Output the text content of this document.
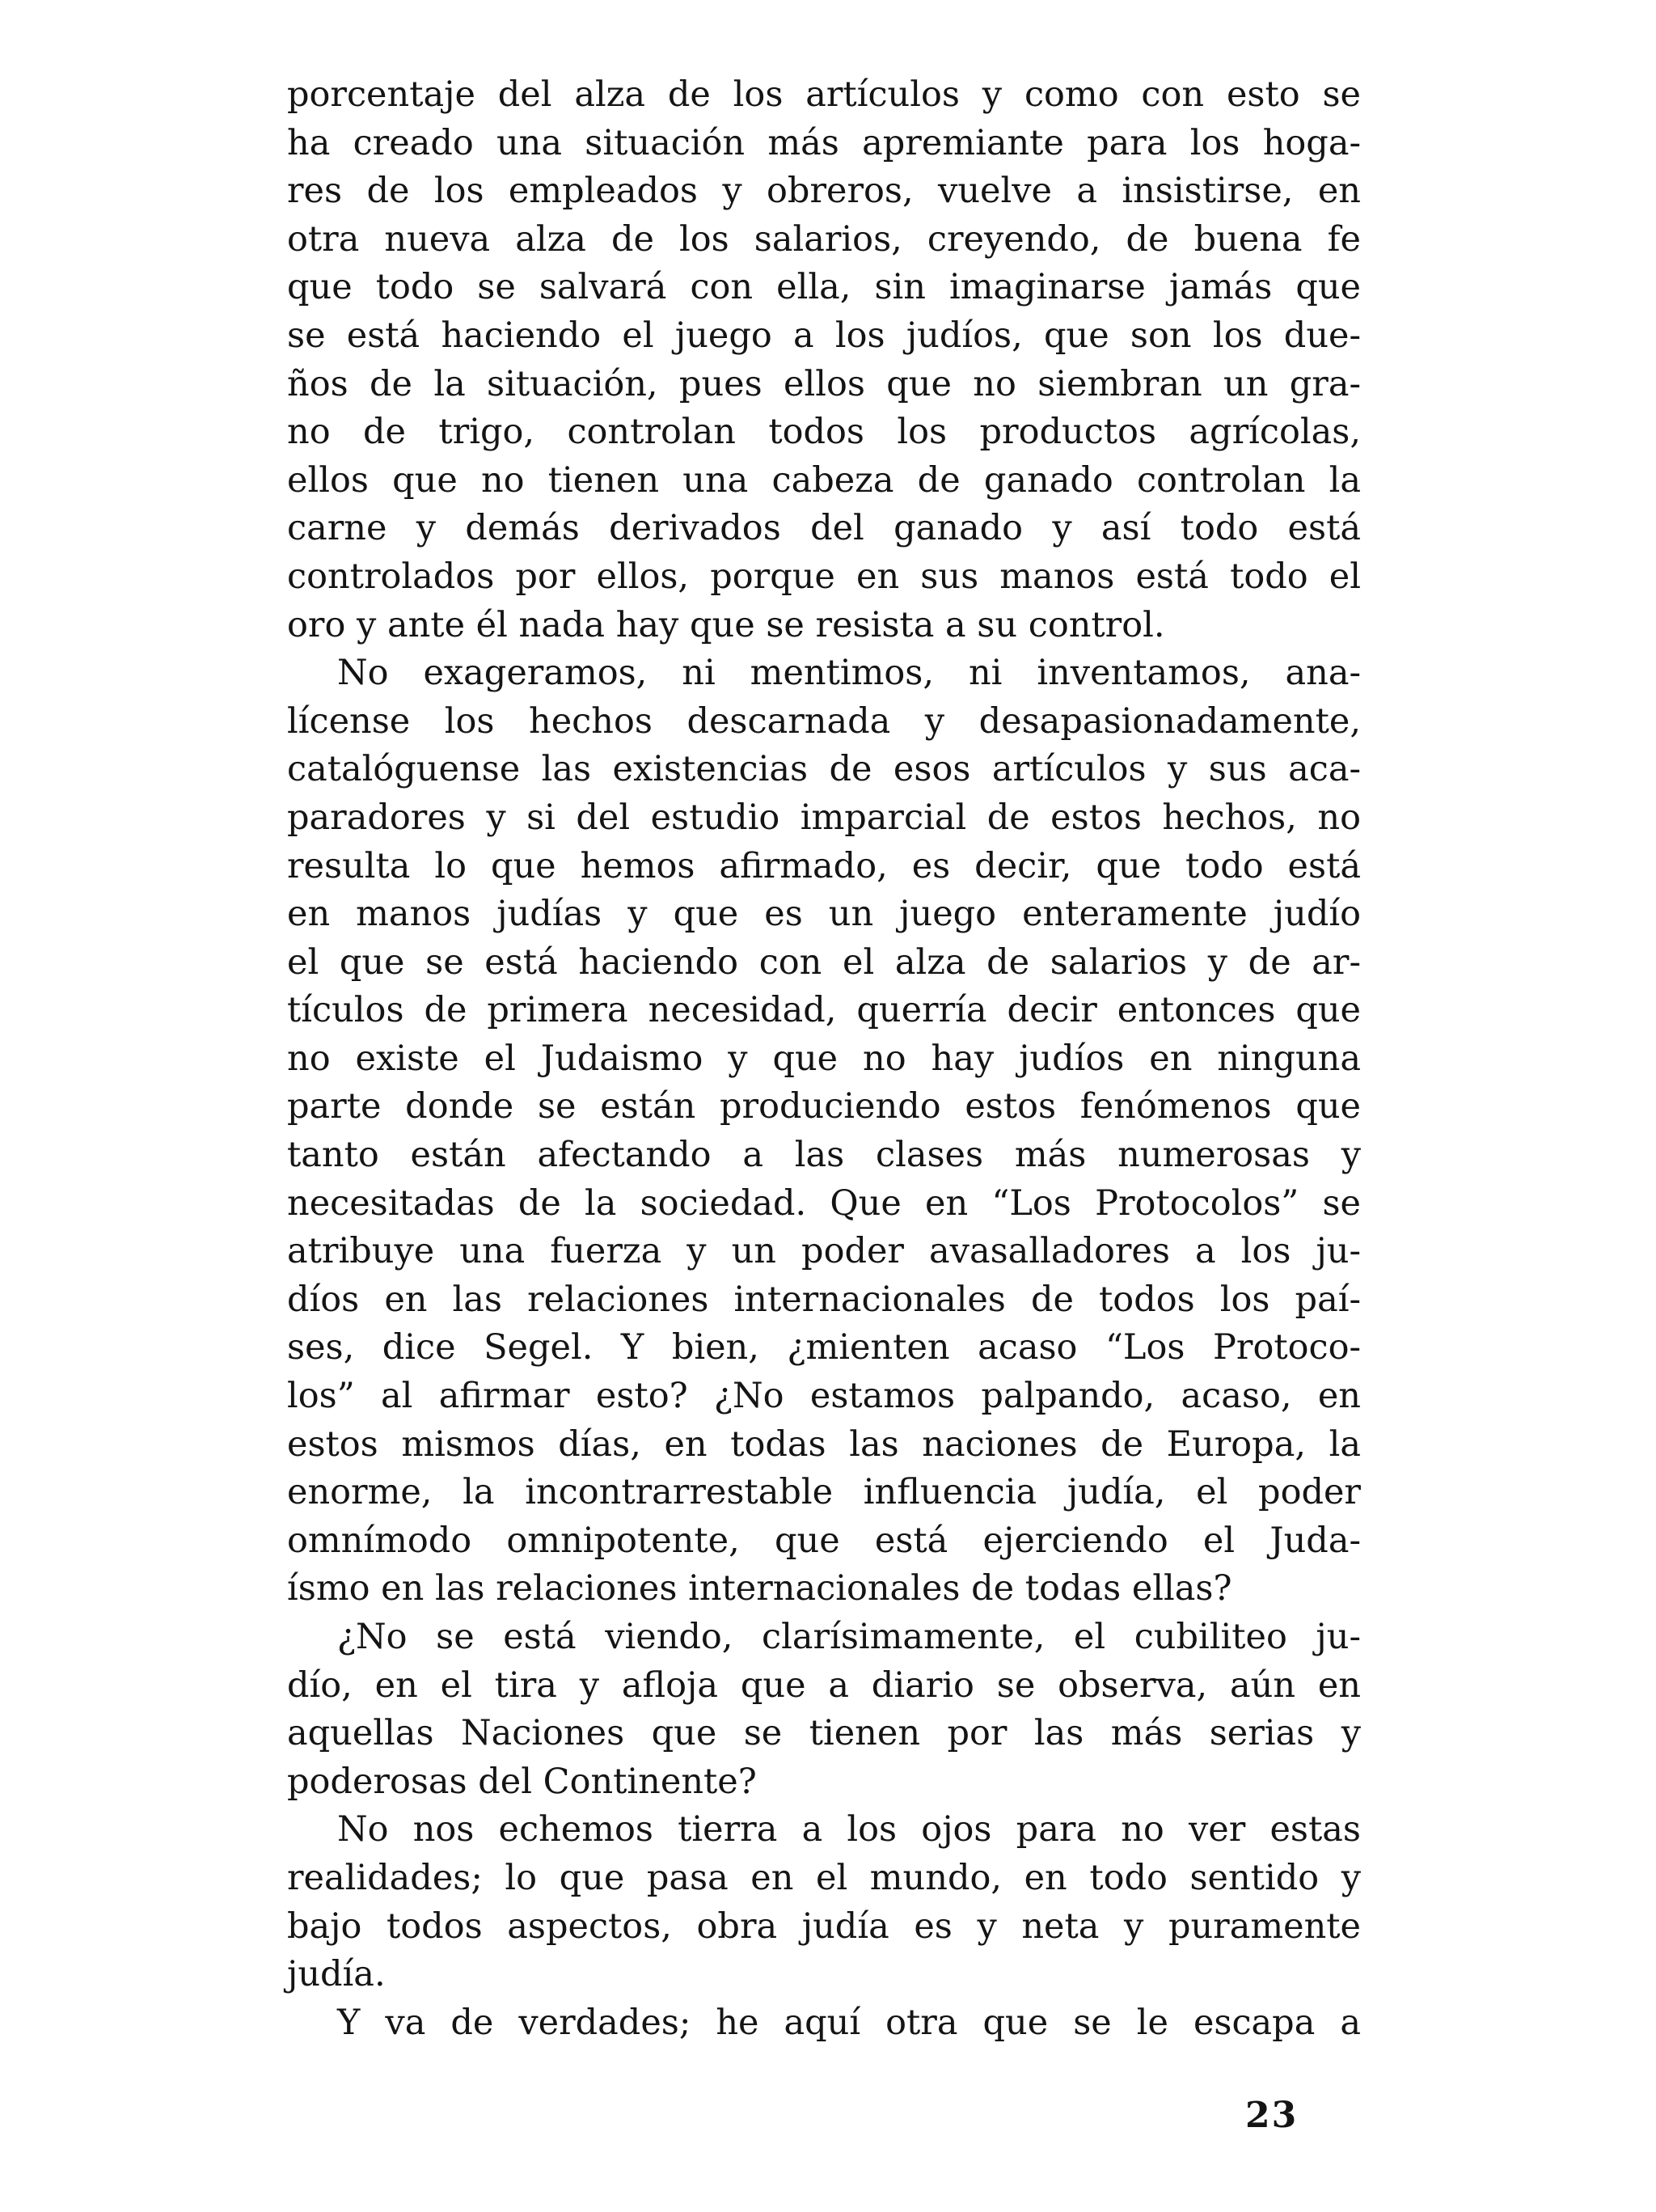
porcentaje del alza de los artículos y como con esto se
ha creado una situación más apremiante para los hoga-
res de los empleados y obreros, vuelve a insistirse, en
otra nueva alza de los salarios, creyendo, de buena fe
que todo se salvará con ella, sin imaginarse jamás que
se está haciendo el juego a los judíos, que son los due-
ños de la situación, pues ellos que no siembran un gra-
no de trigo, controlan todos los productos agrícolas,
ellos que no tienen una cabeza de ganado controlan la
carne y demás derivados del ganado y así todo está
controlados por ellos, porque en sus manos está todo el
oro y ante él nada hay que se resista a su control.
No exageramos, ni mentimos, ni inventamos, ana-
lícense los hechos descarnada y desapasionadamente,
catalóguense las existencias de esos artículos y sus aca-
paradores y si del estudio imparcial de estos hechos, no
resulta lo que hemos afirmado, es decir, que todo está
en manos judías y que es un juego enteramente judío
el que se está haciendo con el alza de salarios y de ar-
tículos de primera necesidad, querría decir entonces que
no existe el Judaismo y que no hay judíos en ninguna
parte donde se están produciendo estos fenómenos que
tanto están afectando a las clases más numerosas y
necesitadas de la sociedad. Que en “Los Protocolos” se
atribuye una fuerza y un poder avasalladores a los ju-
díos en las relaciones internacionales de todos los paí-
ses, dice Segel. Y bien, ¿mienten acaso “Los Protoco-
los” al afirmar esto? ¿No estamos palpando, acaso, en
estos mismos días, en todas las naciones de Europa, la
enorme, la incontrarrestable influencia judía, el poder
omnímodo omnipotente, que está ejerciendo el Juda-
ísmo en las relaciones internacionales de todas ellas?
¿No se está viendo, clarísimamente, el cubiliteo ju-
dío, en el tira y afloja que a diario se observa, aún en
aquellas Naciones que se tienen por las más serias y
poderosas del Continente?
No nos echemos tierra a los ojos para no ver estas
realidades; lo que pasa en el mundo, en todo sentido y
bajo todos aspectos, obra judía es y neta y puramente
judía.
Y va de verdades; he aquí otra que se le escapa a
23
